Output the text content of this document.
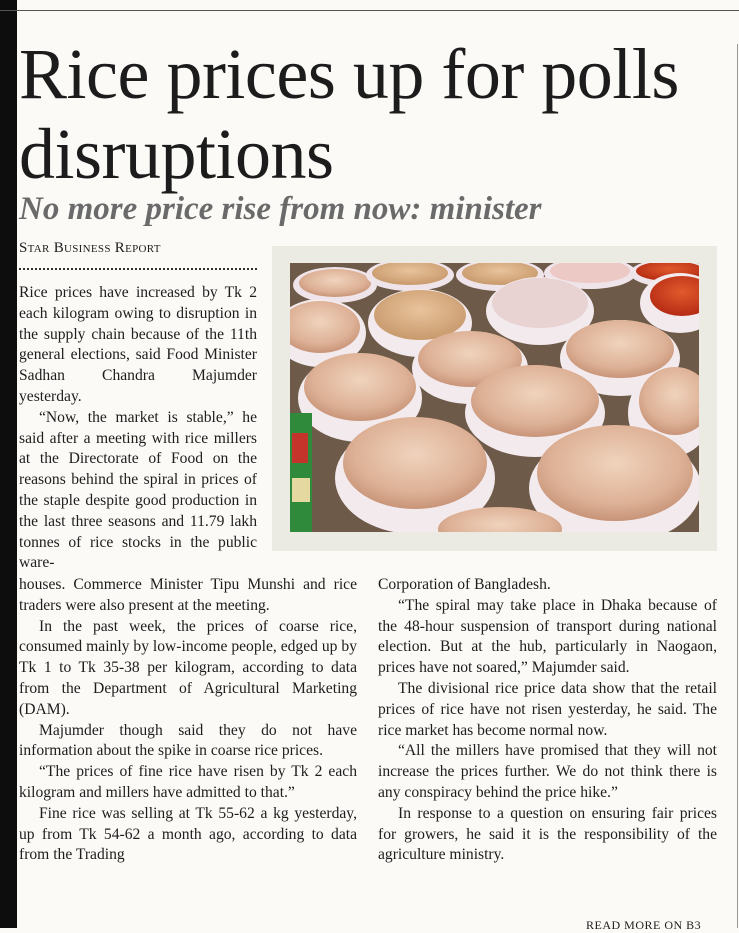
Rice prices up for polls disruptions
No more price rise from now: minister
Star Business Report

Rice prices have increased by Tk 2 each kilogram owing to disruption in the supply chain because of the 11th general elections, said Food Minister Sadhan Chandra Majumder yesterday.

“Now, the market is stable,” he said after a meeting with rice millers at the Directorate of Food on the reasons behind the spiral in prices of the staple despite good production in the last three seasons and 11.79 lakh tonnes of rice stocks in the public ware-

houses. Commerce Minister Tipu Munshi and rice traders were also present at the meeting.

In the past week, the prices of coarse rice, consumed mainly by low-income people, edged up by Tk 1 to Tk 35-38 per kilogram, according to data from the Department of Agricultural Marketing (DAM).

Majumder though said they do not have information about the spike in coarse rice prices.

“The prices of fine rice have risen by Tk 2 each kilogram and millers have admitted to that.”

Fine rice was selling at Tk 55-62 a kg yesterday, up from Tk 54-62 a month ago, according to data from the Trading

Corporation of Bangladesh.

“The spiral may take place in Dhaka because of the 48-hour suspension of transport during national election. But at the hub, particularly in Naogaon, prices have not soared,” Majumder said.

The divisional rice price data show that the retail prices of rice have not risen yesterday, he said. The rice market has become normal now.

“All the millers have promised that they will not increase the prices further. We do not think there is any conspiracy behind the price hike.”

In response to a question on ensuring fair prices for growers, he said it is the responsibility of the agriculture ministry.

READ MORE ON B3
